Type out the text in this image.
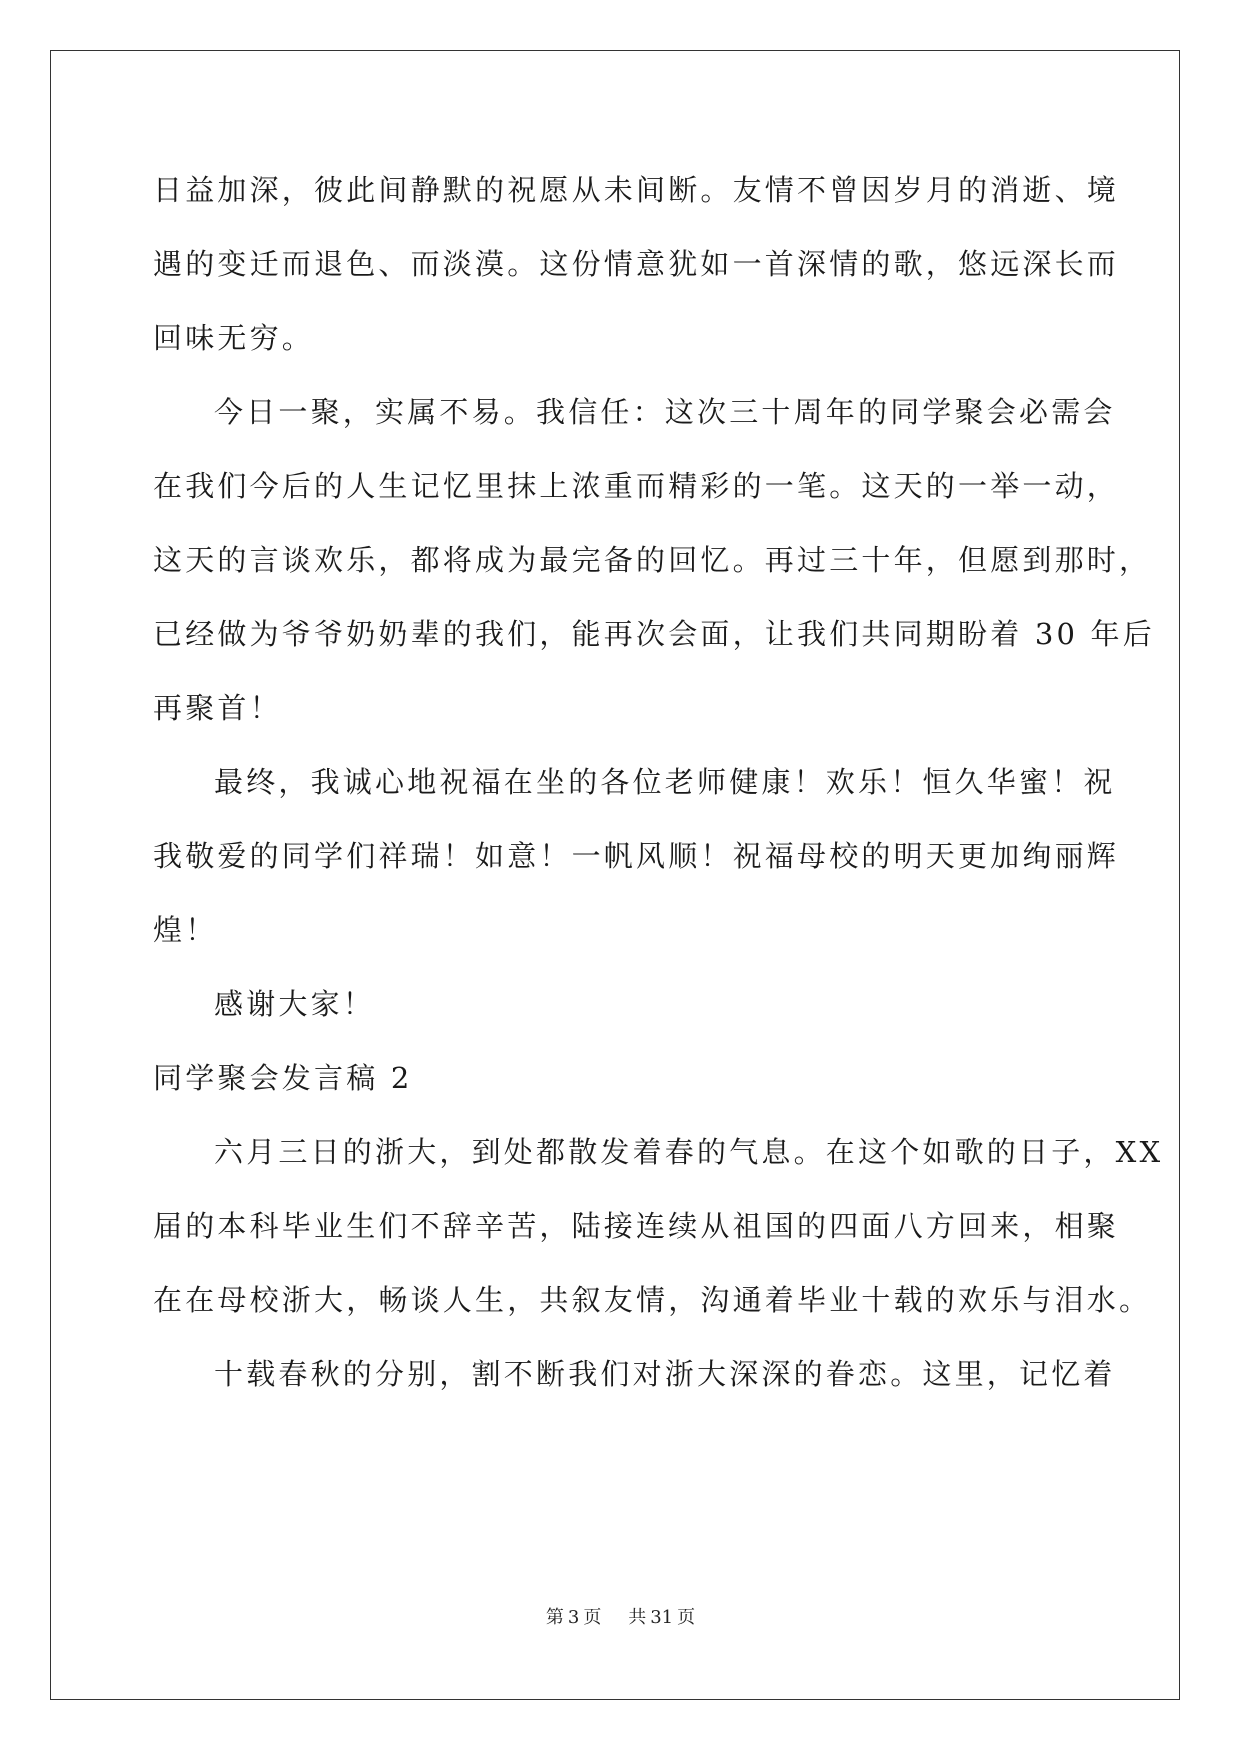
日益加深，彼此间静默的祝愿从未间断。友情不曾因岁月的消逝、境
遇的变迁而退色、而淡漠。这份情意犹如一首深情的歌，悠远深长而
回味无穷。
今日一聚，实属不易。我信任：这次三十周年的同学聚会必需会
在我们今后的人生记忆里抹上浓重而精彩的一笔。这天的一举一动，
这天的言谈欢乐，都将成为最完备的回忆。再过三十年，但愿到那时，
已经做为爷爷奶奶辈的我们，能再次会面，让我们共同期盼着 30 年后
再聚首！
最终，我诚心地祝福在坐的各位老师健康！欢乐！恒久华蜜！祝
我敬爱的同学们祥瑞！如意！一帆风顺！祝福母校的明天更加绚丽辉
煌！
感谢大家！
同学聚会发言稿 2
六月三日的浙大，到处都散发着春的气息。在这个如歌的日子，XX
届的本科毕业生们不辞辛苦，陆接连续从祖国的四面八方回来，相聚
在在母校浙大，畅谈人生，共叙友情，沟通着毕业十载的欢乐与泪水。
十载春秋的分别，割不断我们对浙大深深的眷恋。这里，记忆着
第 3 页 共 31 页
